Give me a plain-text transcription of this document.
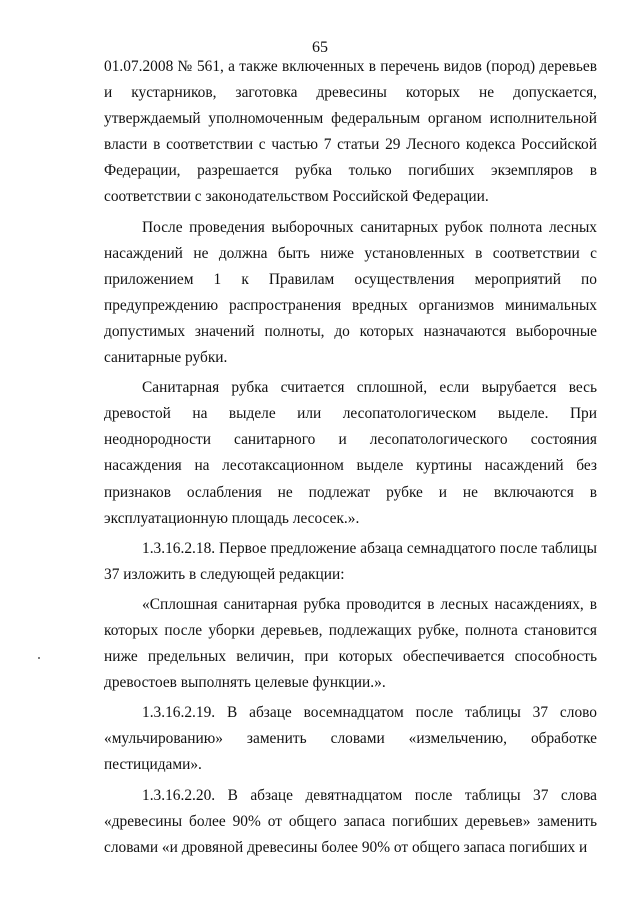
65

01.07.2008 № 561, а также включенных в перечень видов (пород) деревьев и кустарников, заготовка древесины которых не допускается, утверждаемый уполномоченным федеральным органом исполнительной власти в соответствии с частью 7 статьи 29 Лесного кодекса Российской Федерации, разрешается рубка только погибших экземпляров в соответствии с законодательством Российской Федерации.

После проведения выборочных санитарных рубок полнота лесных насаждений не должна быть ниже установленных в соответствии с приложением 1 к Правилам осуществления мероприятий по предупреждению распространения вредных организмов минимальных допустимых значений полноты, до которых назначаются выборочные санитарные рубки.

Санитарная рубка считается сплошной, если вырубается весь древостой на выделе или лесопатологическом выделе. При неоднородности санитарного и лесопатологического состояния насаждения на лесотаксационном выделе куртины насаждений без признаков ослабления не подлежат рубке и не включаются в эксплуатационную площадь лесосек.».

1.3.16.2.18. Первое предложение абзаца семнадцатого после таблицы 37 изложить в следующей редакции:

«Сплошная санитарная рубка проводится в лесных насаждениях, в которых после уборки деревьев, подлежащих рубке, полнота становится ниже предельных величин, при которых обеспечивается способность древостоев выполнять целевые функции.».

1.3.16.2.19. В абзаце восемнадцатом после таблицы 37 слово «мульчированию» заменить словами «измельчению, обработке пестицидами».

1.3.16.2.20. В абзаце девятнадцатом после таблицы 37 слова «древесины более 90% от общего запаса погибших деревьев» заменить словами «и дровяной древесины более 90% от общего запаса погибших и
